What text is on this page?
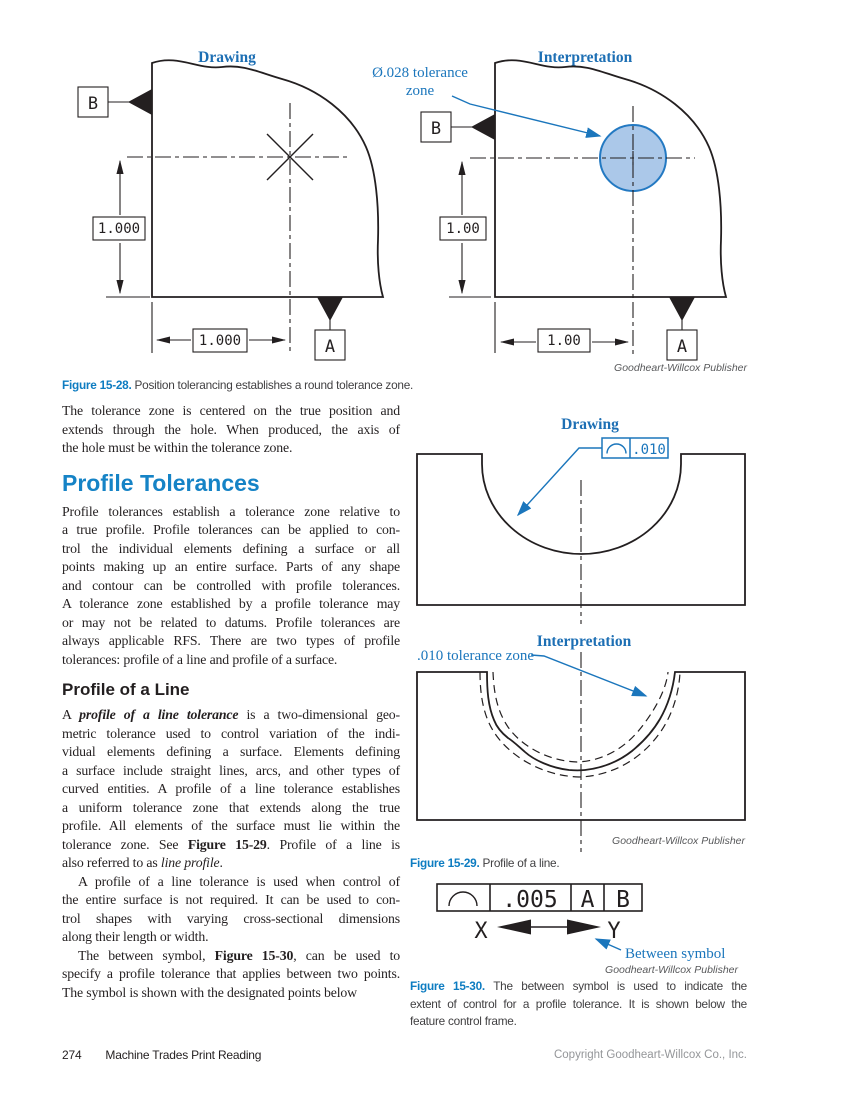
Drawing	Interpretation
Ø.028 tolerance
zone
B
A
B
A
1.000
1.000
1.00
1.00
Goodheart-Willcox Publisher
Figure 15-28. Position tolerancing establishes a round tolerance zone.
The tolerance zone is centered on the true position and
extends through the hole. When produced, the axis of
the hole must be within the tolerance zone.
Profile Tolerances
Profile tolerances establish a tolerance zone relative to
a true profile. Profile tolerances can be applied to con-
trol the individual elements defining a surface or all
points making up an entire surface. Parts of any shape
and contour can be controlled with profile tolerances.
A tolerance zone established by a profile tolerance may
or may not be related to datums. Profile tolerances are
always applicable RFS. There are two types of profile
tolerances: profile of a line and profile of a surface.
Profile of a Line
A profile of a line tolerance is a two-dimensional geo-
metric tolerance used to control variation of the indi-
vidual elements defining a surface. Elements defining
a surface include straight lines, arcs, and other types of
curved entities. A profile of a line tolerance establishes
a uniform tolerance zone that extends along the true
profile. All elements of the surface must lie within the
tolerance zone. See Figure 15-29. Profile of a line is
also referred to as line profile.
A profile of a line tolerance is used when control of
the entire surface is not required. It can be used to con-
trol shapes with varying cross-sectional dimensions
along their length or width.
The between symbol, Figure 15-30, can be used to
specify a profile tolerance that applies between two points.
The symbol is shown with the designated points below
Drawing
.010
Interpretation
.010 tolerance zone
Goodheart-Willcox Publisher
Figure 15-29. Profile of a line.
.005 A B
X	Y
Between symbol
Goodheart-Willcox Publisher
Figure 15-30. The between symbol is used to indicate the
extent of control for a profile tolerance. It is shown below the
feature control frame.
274 Machine Trades Print Reading	Copyright Goodheart-Willcox Co., Inc.
